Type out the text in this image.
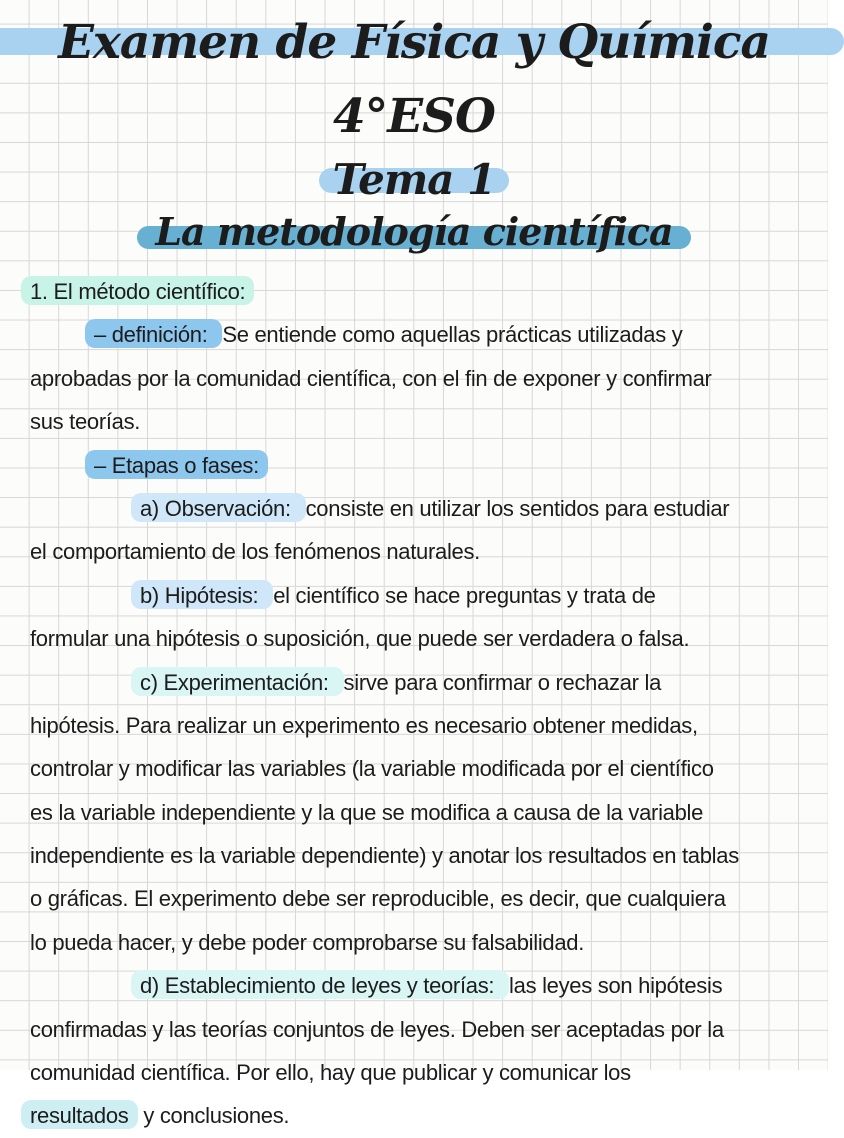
Examen de Física y Química 4°ESO
Tema 1
La metodología científica
1. El método científico:
– definición: Se entiende como aquellas prácticas utilizadas y
aprobadas por la comunidad científica, con el fin de exponer y confirmar
sus teorías.
– Etapas o fases:
a) Observación: consiste en utilizar los sentidos para estudiar
el comportamiento de los fenómenos naturales.
b) Hipótesis: el científico se hace preguntas y trata de
formular una hipótesis o suposición, que puede ser verdadera o falsa.
c) Experimentación: sirve para confirmar o rechazar la
hipótesis. Para realizar un experimento es necesario obtener medidas,
controlar y modificar las variables (la variable modificada por el científico
es la variable independiente y la que se modifica a causa de la variable
independiente es la variable dependiente) y anotar los resultados en tablas
o gráficas. El experimento debe ser reproducible, es decir, que cualquiera
lo pueda hacer, y debe poder comprobarse su falsabilidad.
d) Establecimiento de leyes y teorías: las leyes son hipótesis
confirmadas y las teorías conjuntos de leyes. Deben ser aceptadas por la
comunidad científica. Por ello, hay que publicar y comunicar los
resultados y conclusiones.
